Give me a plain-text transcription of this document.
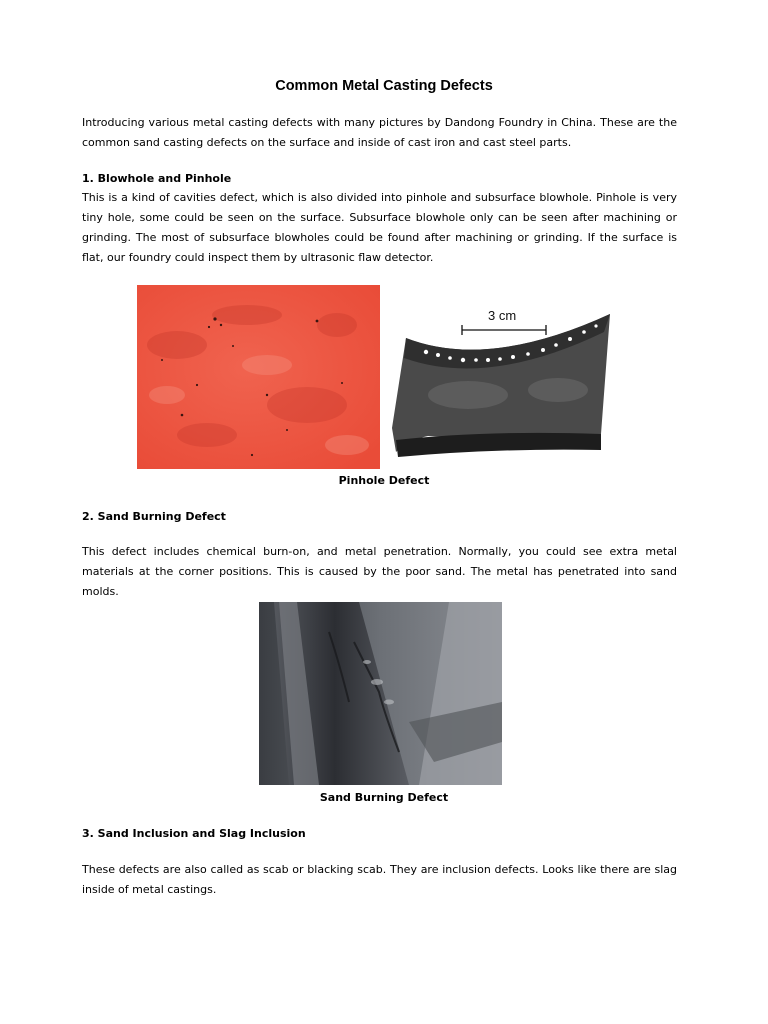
Common Metal Casting Defects

Introducing various metal casting defects with many pictures by Dandong Foundry in China. These are the common sand casting defects on the surface and inside of cast iron and cast steel parts.

1. Blowhole and Pinhole

This is a kind of cavities defect, which is also divided into pinhole and subsurface blowhole. Pinhole is very tiny hole, some could be seen on the surface. Subsurface blowhole only can be seen after machining or grinding. The most of subsurface blowholes could be found after machining or grinding. If the surface is flat, our foundry could inspect them by ultrasonic flaw detector.

3 cm
Pinhole Defect

2. Sand Burning Defect

This defect includes chemical burn-on, and metal penetration. Normally, you could see extra metal materials at the corner positions. This is caused by the poor sand. The metal has penetrated into sand molds.

Sand Burning Defect

3. Sand Inclusion and Slag Inclusion

These defects are also called as scab or blacking scab. They are inclusion defects. Looks like there are slag inside of metal castings.
